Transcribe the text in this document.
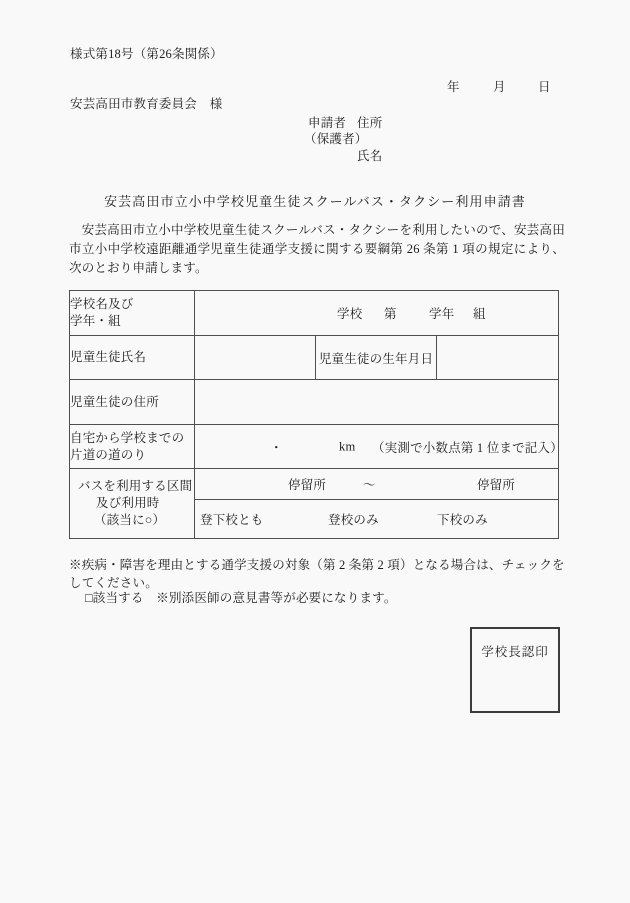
様式第18号（第26条関係）
年	月	日
安芸高田市教育委員会　様
申請者 住所
（保護者）
氏名
安芸高田市立小中学校児童生徒スクールバス・タクシー利用申請書
　安芸高田市立小中学校児童生徒スクールバス・タクシーを利用したいので、安芸高田市立小中学校遠距離通学児童生徒通学支援に関する要綱第 26 条第 1 項の規定により、次のとおり申請します。
学校名及び
学年・組	学校 第	学年 組

児童生徒氏名		児童生徒の生年月日	
児童生徒の住所			

自宅から学校までの
片道の道のり	・	km （実測で小数点第 1 位まで記入）

バスを利用する区間
及び利用時
（該当に○）

停留所	〜	停留所

	登下校とも 登校のみ 下校のみ		
※疾病・障害を理由とする通学支援の対象（第 2 条第 2 項）となる場合は、チェックをしてください。
□該当する　※別添医師の意見書等が必要になります。
学校長認印
